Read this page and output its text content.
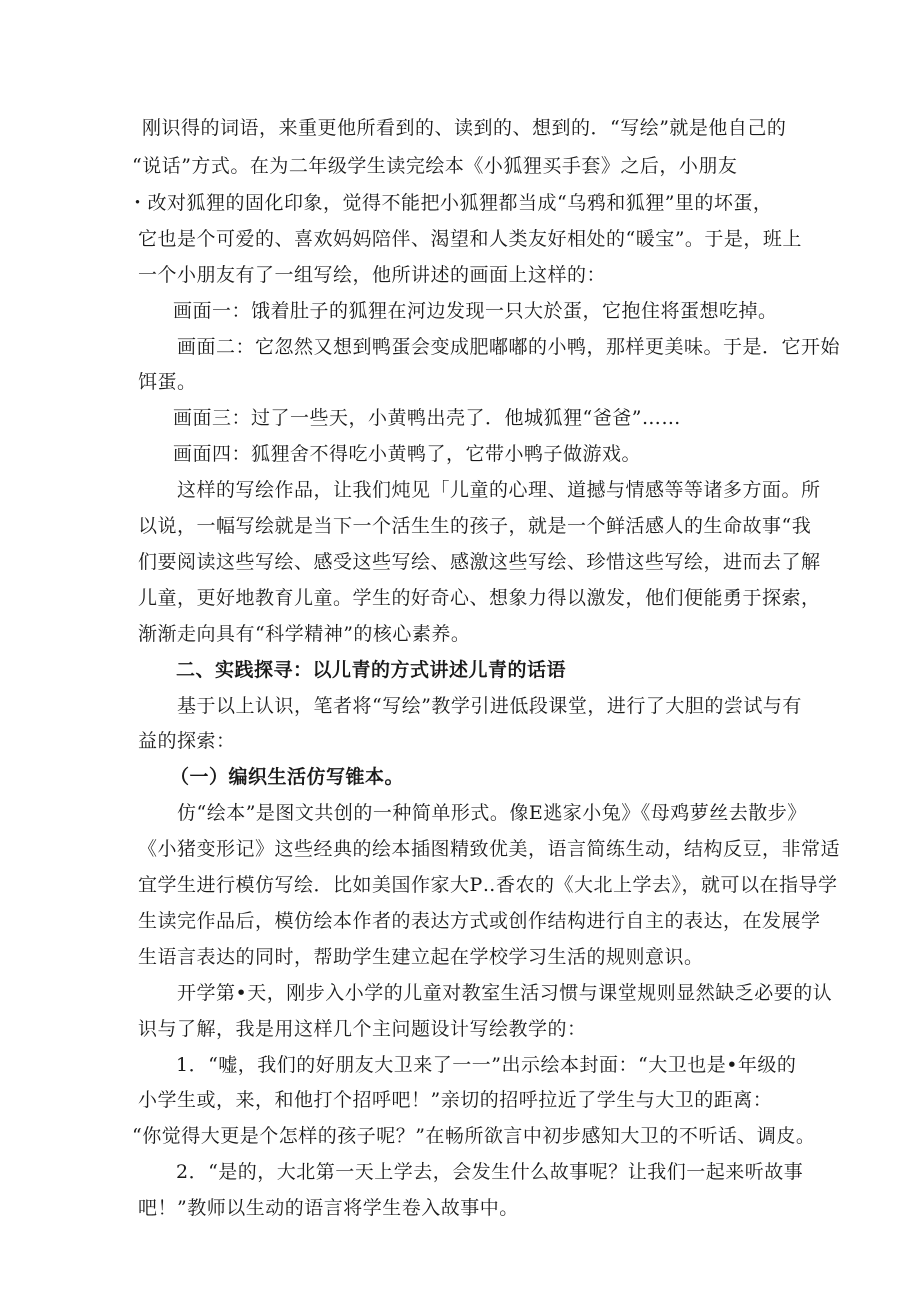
刚识得的词语，来重更他所看到的、读到的、想到的．“写绘”就是他自己的
“说话”方式。在为二年级学生读完绘本《小狐狸买手套》之后，小朋友
・改对狐狸的固化印象，觉得不能把小狐狸都当成“乌鸦和狐狸”里的坏蛋，
它也是个可爱的、喜欢妈妈陪伴、渴望和人类友好相处的“暖宝”。于是，班上
一个小朋友有了一组写绘，他所讲述的画面上这样的：
画面一：饿着肚子的狐狸在河边发现一只大於蛋，它抱住将蛋想吃掉。
画面二：它忽然又想到鸭蛋会变成肥嘟嘟的小鸭，那样更美味。于是．它开始
饵蛋。
画面三：过了一些天，小黄鸭出壳了．他城狐狸“爸爸”……
画面四：狐狸舍不得吃小黄鸭了，它带小鸭子做游戏。
这样的写绘作品，让我们炖见「儿童的心理、道撼与情感等等诸多方面。所
以说，一幅写绘就是当下一个活生生的孩子，就是一个鲜活感人的生命故事“我
们要阅读这些写绘、感受这些写绘、感激这些写绘、珍惜这些写绘，进而去了解
儿童，更好地教育儿童。学生的好奇心、想象力得以激发，他们便能勇于探索，
渐渐走向具有“科学精神”的核心素养。
二、实践探寻：以儿青的方式讲述儿青的话语
基于以上认识，笔者将“写绘”教学引进低段课堂，进行了大胆的尝试与有
益的探索：
（一）编织生活仿写锥本。
仿“绘本”是图文共创的一种简单形式。像E逃家小兔》《母鸡萝丝去散步》
《小猪变形记》这些经典的绘本插图精致优美，语言简练生动，结构反豆，非常适
宜学生进行模仿写绘．比如美国作家大P‥香农的《大北上学去》，就可以在指导学
生读完作品后，模仿绘本作者的表达方式或创作结构进行自主的表达，在发展学
生语言表达的同时，帮助学生建立起在学校学习生活的规则意识。
开学第•天，刚步入小学的儿童对教室生活习惯与课堂规则显然缺乏必要的认
识与了解，我是用这样几个主问题设计写绘教学的：
1．“嘘，我们的好朋友大卫来了一一”出示绘本封面：“大卫也是•年级的
小学生或，来，和他打个招呼吧！”亲切的招呼拉近了学生与大卫的距离：
“你觉得大更是个怎样的孩子呢？”在畅所欲言中初步感知大卫的不听话、调皮。
2．“是的，大北第一天上学去，会发生什么故事呢？让我们一起来听故事
吧！”教师以生动的语言将学生卷入故事中。
